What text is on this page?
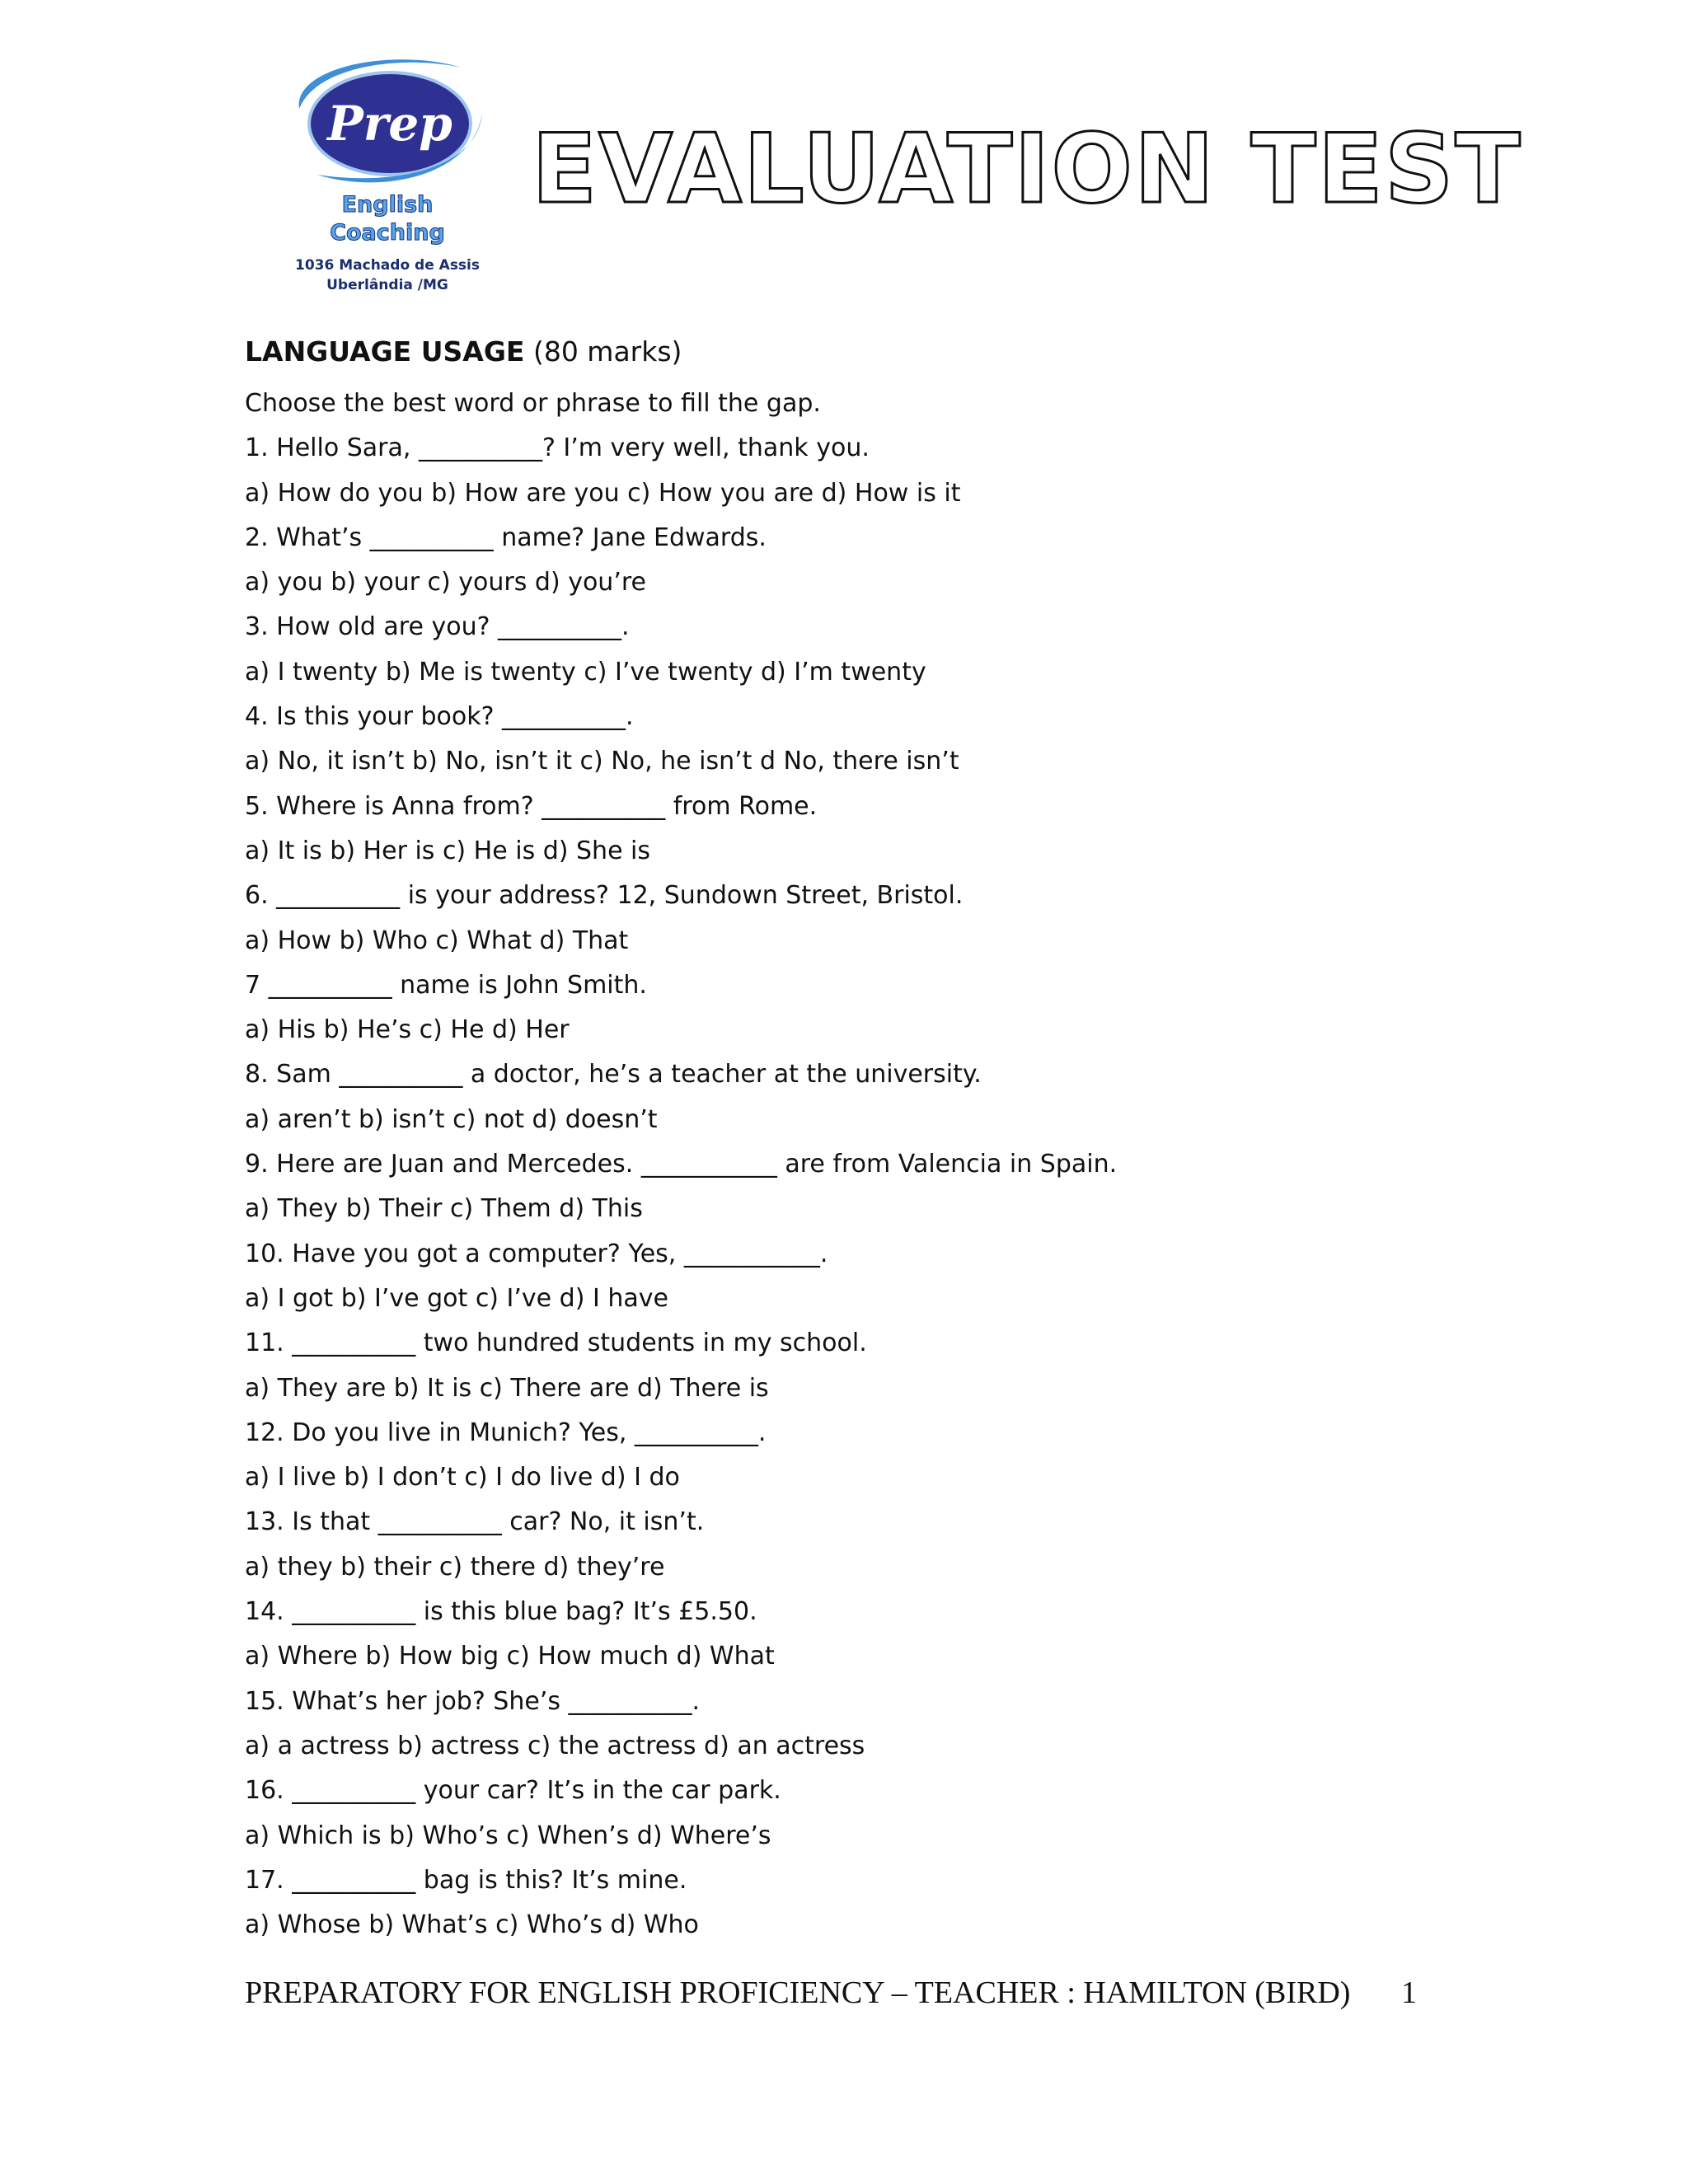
Prep
English
Coaching
1036 Machado de Assis
Uberlândia /MG
EVALUATION TEST
LANGUAGE USAGE (80 marks)
Choose the best word or phrase to fill the gap.
1. Hello Sara, __________? I’m very well, thank you.
a) How do you b) How are you c) How you are d) How is it
2. What’s __________ name? Jane Edwards.
a) you b) your c) yours d) you’re
3. How old are you? __________.
a) I twenty b) Me is twenty c) I’ve twenty d) I’m twenty
4. Is this your book? __________.
a) No, it isn’t b) No, isn’t it c) No, he isn’t d No, there isn’t
5. Where is Anna from? __________ from Rome.
a) It is b) Her is c) He is d) She is
6. __________ is your address? 12, Sundown Street, Bristol.
a) How b) Who c) What d) That
7 __________ name is John Smith.
a) His b) He’s c) He d) Her
8. Sam __________ a doctor, he’s a teacher at the university.
a) aren’t b) isn’t c) not d) doesn’t
9. Here are Juan and Mercedes. ___________ are from Valencia in Spain.
a) They b) Their c) Them d) This
10. Have you got a computer? Yes, ___________.
a) I got b) I’ve got c) I’ve d) I have
11. __________ two hundred students in my school.
a) They are b) It is c) There are d) There is
12. Do you live in Munich? Yes, __________.
a) I live b) I don’t c) I do live d) I do
13. Is that __________ car? No, it isn’t.
a) they b) their c) there d) they’re
14. __________ is this blue bag? It’s £5.50.
a) Where b) How big c) How much d) What
15. What’s her job? She’s __________.
a) a actress b) actress c) the actress d) an actress
16. __________ your car? It’s in the car park.
a) Which is b) Who’s c) When’s d) Where’s
17. __________ bag is this? It’s mine.
a) Whose b) What’s c) Who’s d) Who
PREPARATORY FOR ENGLISH PROFICIENCY – TEACHER : HAMILTON (BIRD)	1
